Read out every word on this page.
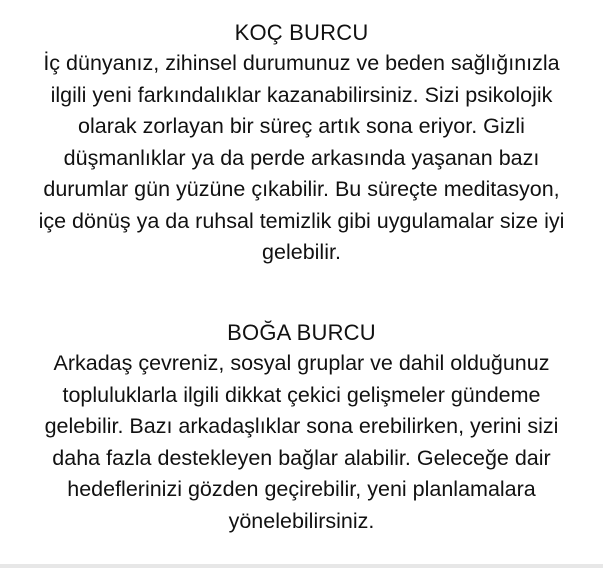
KOÇ BURCU

İç dünyanız, zihinsel durumunuz ve beden sağlığınızla
ilgili yeni farkındalıklar kazanabilirsiniz. Sizi psikolojik
olarak zorlayan bir süreç artık sona eriyor. Gizli
düşmanlıklar ya da perde arkasında yaşanan bazı
durumlar gün yüzüne çıkabilir. Bu süreçte meditasyon,
içe dönüş ya da ruhsal temizlik gibi uygulamalar size iyi
gelebilir.

BOĞA BURCU

Arkadaş çevreniz, sosyal gruplar ve dahil olduğunuz
topluluklarla ilgili dikkat çekici gelişmeler gündeme
gelebilir. Bazı arkadaşlıklar sona erebilirken, yerini sizi
daha fazla destekleyen bağlar alabilir. Geleceğe dair
hedeflerinizi gözden geçirebilir, yeni planlamalara
yönelebilirsiniz.
